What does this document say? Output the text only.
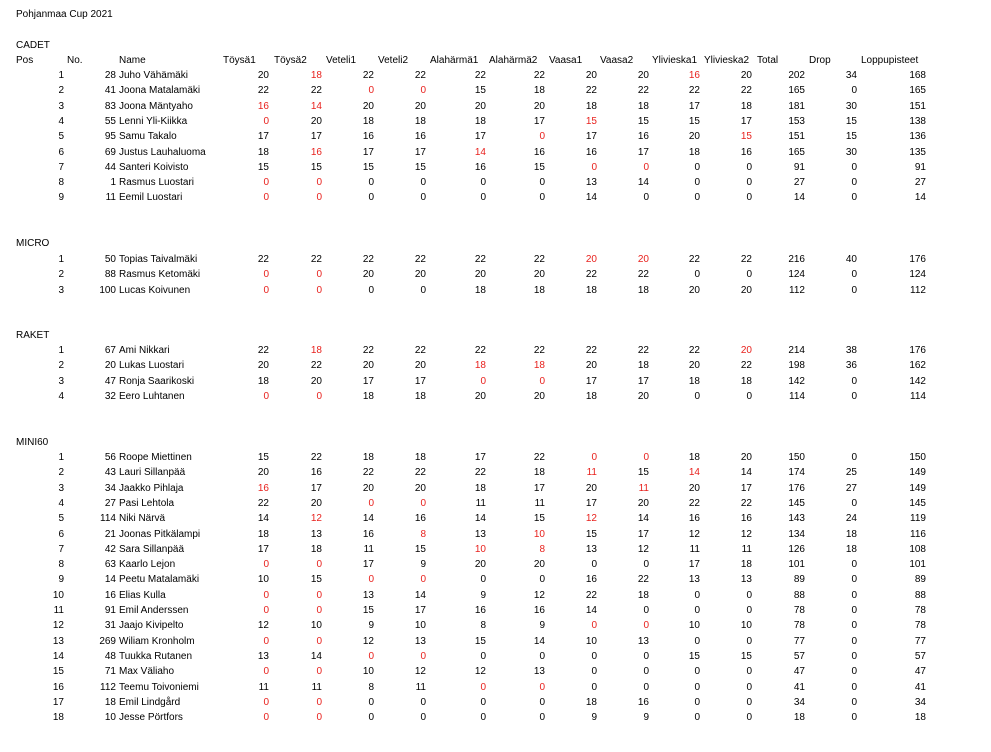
Pohjanmaa Cup 2021
CADET
Pos	No.	Name	Töysä1 Töysä2 Veteli1 Veteli2 Alahärmä1 Alahärmä2 Vaasa1 Vaasa2 Ylivieska1 Ylivieska2 Total	Drop	Loppupisteet
1	28 Juho Vähämäki	20	18	22	22	22	22	20	20	16	20	202	34	168
2	41 Joona Matalamäki	22	22	0	0	15	18	22	22	22	22	165	0	165
3	83 Joona Mäntyaho	16	14	20	20	20	20	18	18	17	18	181	30	151
4	55 Lenni Yli-Kiikka	0	20	18	18	18	17	15	15	15	17	153	15	138
5	95 Samu Takalo	17	17	16	16	17	0	17	16	20	15	151	15	136
6	69 Justus Lauhaluoma	18	16	17	17	14	16	16	17	18	16	165	30	135
7	44 Santeri Koivisto	15	15	15	15	16	15	0	0	0	0	91	0	91
8	1 Rasmus Luostari	0	0	0	0	0	0	13	14	0	0	27	0	27
9	11 Eemil Luostari	0	0	0	0	0	0	14	0	0	0	14	0	14
MICRO
1	50 Topias Taivalmäki	22	22	22	22	22	22	20	20	22	22	216	40	176
2	88 Rasmus Ketomäki	0	0	20	20	20	20	22	22	0	0	124	0	124
3	100 Lucas Koivunen	0	0	0	0	18	18	18	18	20	20	112	0	112
RAKET
1	67 Ami Nikkari	22	18	22	22	22	22	22	22	22	20	214	38	176
2	20 Lukas Luostari	20	22	20	20	18	18	20	18	20	22	198	36	162
3	47 Ronja Saarikoski	18	20	17	17	0	0	17	17	18	18	142	0	142
4	32 Eero Luhtanen	0	0	18	18	20	20	18	20	0	0	114	0	114
MINI60
1	56 Roope Miettinen	15	22	18	18	17	22	0	0	18	20	150	0	150
2	43 Lauri Sillanpää	20	16	22	22	22	18	11	15	14	14	174	25	149
3	34 Jaakko Pihlaja	16	17	20	20	18	17	20	11	20	17	176	27	149
4	27 Pasi Lehtola	22	20	0	0	11	11	17	20	22	22	145	0	145
5	114 Niki Närvä	14	12	14	16	14	15	12	14	16	16	143	24	119
6	21 Joonas Pitkälampi	18	13	16	8	13	10	15	17	12	12	134	18	116
7	42 Sara Sillanpää	17	18	11	15	10	8	13	12	11	11	126	18	108
8	63 Kaarlo Lejon	0	0	17	9	20	20	0	0	17	18	101	0	101
9	14 Peetu Matalamäki	10	15	0	0	0	0	16	22	13	13	89	0	89
10	16 Elias Kulla	0	0	13	14	9	12	22	18	0	0	88	0	88
11	91 Emil Anderssen	0	0	15	17	16	16	14	0	0	0	78	0	78
12	31 Jaajo Kivipelto	12	10	9	10	8	9	0	0	10	10	78	0	78
13	269 Wiliam Kronholm	0	0	12	13	15	14	10	13	0	0	77	0	77
14	48 Tuukka Rutanen	13	14	0	0	0	0	0	0	15	15	57	0	57
15	71 Max Väliaho	0	0	10	12	12	13	0	0	0	0	47	0	47
16	112 Teemu Toivoniemi	11	11	8	11	0	0	0	0	0	0	41	0	41
17	18 Emil Lindgård	0	0	0	0	0	0	18	16	0	0	34	0	34
18	10 Jesse Pörtfors	0	0	0	0	0	0	9	9	0	0	18	0	18
